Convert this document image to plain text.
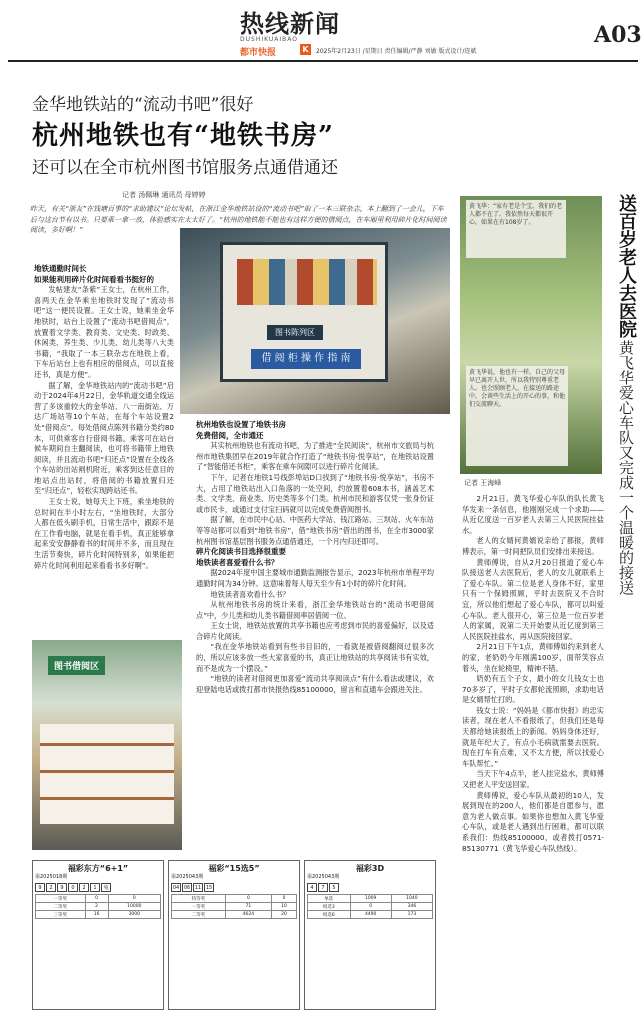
热线新闻
DUSHIKUAIBAO
都市快报	K	2025年2月23日 /星期日 责任编辑/严静 刘敏 版式设计/连斌
A03
金华地铁站的“流动书吧”很好
杭州地铁也有“地铁书房”
还可以在全市杭州图书馆服务点通借通还
记者 汤佩琳 通讯员 母婷婷
昨天，有关“浙友”在钱塘百事的“求助建议”论坛发帖，在浙江金华地铁站设的“流动书吧”取了一本三联杂志，本上翻到了一会儿，下车后与这台节有以书。只要乘一拿一放，体验感实在太太好了。“杭州的地铁能不能也有这样方便的借阅点，在车厢里利用碎片化时间阅读阅读，多好啊！”
图书陈列区
借 阅 柜 操 作 指 南
地铁通勤时间长
如果能利用碎片化时间看看书挺好的

发帖建友“条紫”王女士，在杭州工作，喜两天在金华乘坐地铁时发现了“流动书吧”这一便民设置。王女士说，她乘坐金华地铁时，站台上设置了“流动书吧借阅点”，放置着文学类、教育类、文史类、时政类、休闲类、养生类、少儿类、幼儿类等八大类书籍，“我取了一本三联杂志在地铁上看，下车后站台上也有相应的借阅点，可以直接还书，真是方便”。

据了解，金华地铁站内的“流动书吧”启动于2024年4月22日，金华轨道交通全线运营了多该重较大的金华站、八一南街站、万达广场站等10个车站，在每个车站设置2处“借阅点”。每处借阅点陈列书籍分类约80本，可供乘客自行借阅书籍。乘客可在站台候车期间自主翻阅读，也可将书籍带上地铁阅读，并且流动书吧“归还点”设置在全线各个车站的出站闸机附近，乘客到达任意目的地站点出站时，将借阅的书籍放置归还至“归还点”，轻松实现跨站还书。

王女士说，她每天上下班，乘坐地铁的总时间在半小时左右，“坐地铁时，大部分人都在低头刷手机，日常生活中，跟踪不是在工作看电脑，就是在看手机，真正能够拿起来安安静静看书的时间并不多，而且现在生活节奏快，碎片化时间特别多，如果能把碎片化时间利用起来看看书多好啊”。

图书借阅区
杭州地铁也设置了地铁书房
免费借阅，全市通还

其实杭州地铁也有流动书吧，为了推进“全民阅读”，杭州市文旅局与杭州市地铁集团早在2019年就合作打造了“地铁书房·悦享站”，在地铁站设置了“智能借还书柜”，乘客在乘车间隙可以进行碎片化阅读。

下午，记者在地铁1号线彭埠站D口找到了“地铁书房·悦享站”，书房不大，占用了地铁站出入口角落的一处空间，约放置着608本书，涵盖艺术类、文学类、商业类、历史类等多个门类。杭州市民和游客仅凭一张身份证或市民卡，或通过支付宝扫码就可以完成免费借阅图书。

据了解，在市民中心站、中医药大学站、钱江路站、三坝站、火车东站等等站都可以看到“地铁书房”，借“地铁书房”借出的图书，在全市3000家杭州图书馆基层图书服务点通借通还，一个月内归还即可。

碎片化阅读书目选择很重要
地铁读者喜爱看什么书？

据2024年度中国主要城市通勤监测报告显示，2023年杭州市单程平均通勤时间为34分钟。这意味着每人每天至少有1小时的碎片化时间。

地铁读者喜欢看什么书？

从杭州地铁书房的统计来看，浙江金华地铁站台的“流动书吧借阅点”中，少儿类和幼儿类书籍借阅率居借阅一位。

王女士说，地铁站放置的共享书籍也应考虑到市民的喜爱偏好，以及适合碎片化阅读。

“我在金华地铁站看到有些书目旧的，一看就是被借阅翻阅过很多次的，所以应该多放一些大家喜爱的书，真正让地铁站的共享阅读书有实效，而不是成为一个摆设。”

“地铁的读者对借阅更加喜爱“流动共享阅读点”有什么看法或建议，欢迎登陆电话或拨打都市快报热线85100000，留言和直通车会跟进关注。

送百岁老人去医院
黄飞华爱心车队又完成一个温暖的接送
黄飞华：“家有老是个宝，我们的老人都不在了。我依然每天都很开心，如果在有108岁了。
黄飞华说，他也有一样，自己的父母早已离开人世，所以我特别尊重老人。也会照顾老人，在接送的路途中，会谈些生活上的开心的事，和他们交流聊天。
记者 王海峰

2月21日，黄飞华爱心车队的队长黄飞华发来一条信息，他刚刚完成一个求助——从近亿度送一百岁老人去第三人民医院挂盐水。

老人的女婿何黄婿说亲给了都报，黄师傅表示，第一时间把队员们安排出来接送。

黄师傅说，自从2月20日报道了爱心车队接送老人去医院后，老人的女儿就联系上了爱心车队。第二位是老人身体不好，家里只有一个保姆照顾，平时去医院又不合时宜，所以他们想起了爱心车队，都可以叫爱心车队。老人很开心，第三位是一位百岁老人的家属，说第二天开始要从近亿度到第三人民医院挂盐水，再从医院接回家。

2月21日下午1点，黄师傅如约来到老人的家，老奶奶今年刚满100岁，面带笑容点着头，坐在轮椅里，精神不错。

奶奶有五个子女，最小的女儿钱女士也70多岁了，平时子女都轮流照顾，求助电话是女婿帮忙打的。

钱女士说：“妈妈是《都市快报》的忠实读者，现在老人不看报纸了，但我们还是每天都给她读报纸上的新闻。妈妈身体还好，就是年纪大了，有点小毛病就需要去医院。现在打车有点难，又不太方便，所以找爱心车队帮忙。”

当天下午4点半，老人挂完盐水，黄师傅又把老人平安送回家。

黄师傅说，爱心车队从最初的10人，发展到现在的200人，他们都是自愿参与，愿意为老人做点事。如果你也想加入黄飞华爱心车队，或是老人遇到出行困难，都可以联系我们：热线85100000，或者拨打0571-85130771（黄飞华爱心车队热线）。

福彩东方“6+1”
第2025018期
9	2	9	0	2	1	兔
一等奖	0	0
二等奖	2	10000
三等奖	16	3000
福彩“15选5”
第2025043期
04 06 11 15
特等奖	0	0
一等奖	71	10
二等奖	4624	20
福彩3D
第2025043期
4	7	5
单选	1009	1040
组选3	0	346
组选6	4490	173
